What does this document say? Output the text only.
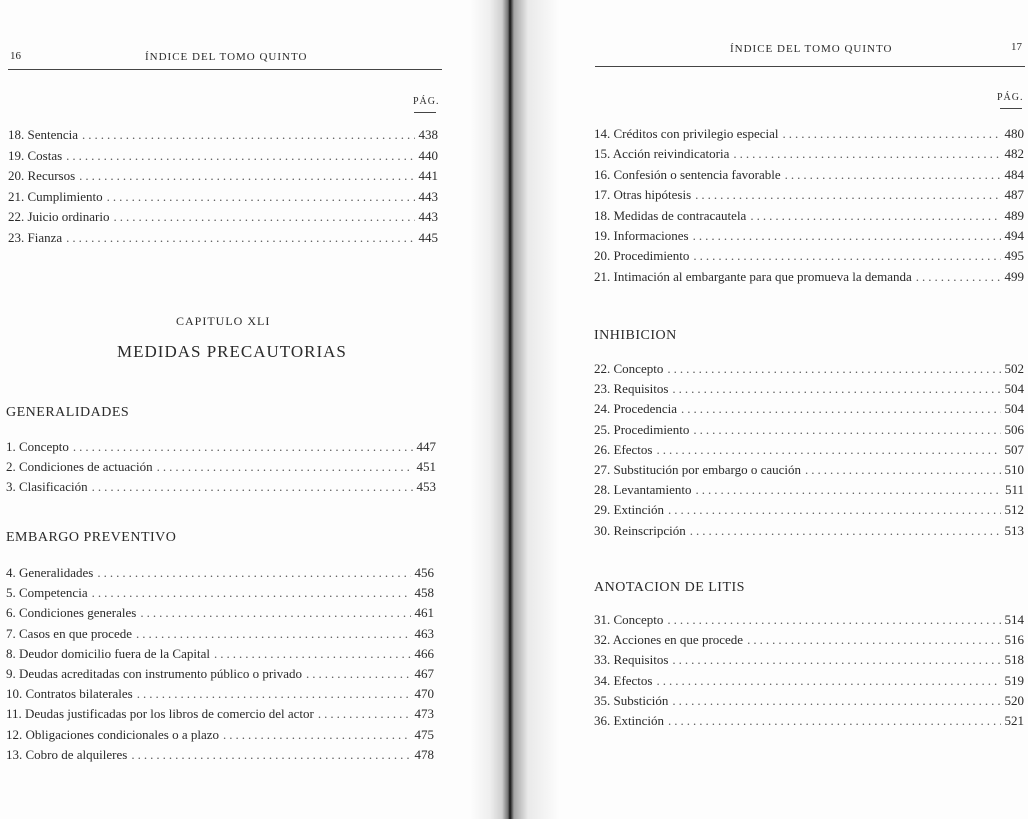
16	ÍNDICE DEL TOMO QUINTO
PÁG.
18. Sentencia .....	438
19. Costas .....	440
20. Recursos .....	441
21. Cumplimiento .....	443
22. Juicio ordinario .....	443
23. Fianza .....	445
CAPITULO XLI
MEDIDAS PRECAUTORIAS
GENERALIDADES
1. Concepto .....	447
2. Condiciones de actuación .....	451
3. Clasificación .....	453
EMBARGO PREVENTIVO
4. Generalidades .....	456
5. Competencia .....	458
6. Condiciones generales .....	461
7. Casos en que procede .....	463
8. Deudor domicilio fuera de la Capital .....	466
9. Deudas acreditadas con instrumento público o privado .....	467
10. Contratos bilaterales .....	470
11. Deudas justificadas por los libros de comercio del actor .....	473
12. Obligaciones condicionales o a plazo .....	475
13. Cobro de alquileres .....	478
ÍNDICE DEL TOMO QUINTO	17
PÁG.
14. Créditos con privilegio especial .....	480
15. Acción reivindicatoria .....	482
16. Confesión o sentencia favorable .....	484
17. Otras hipótesis .....	487
18. Medidas de contracautela .....	489
19. Informaciones .....	494
20. Procedimiento .....	495
21. Intimación al embargante para que promueva la demanda .....	499
INHIBICION
22. Concepto .....	502
23. Requisitos .....	504
24. Procedencia .....	504
25. Procedimiento .....	506
26. Efectos .....	507
27. Substitución por embargo o caución .....	510
28. Levantamiento .....	511
29. Extinción .....	512
30. Reinscripción .....	513
ANOTACION DE LITIS
31. Concepto .....	514
32. Acciones en que procede .....	516
33. Requisitos .....	518
34. Efectos .....	519
35. Substición .....	520
36. Extinción .....	521
